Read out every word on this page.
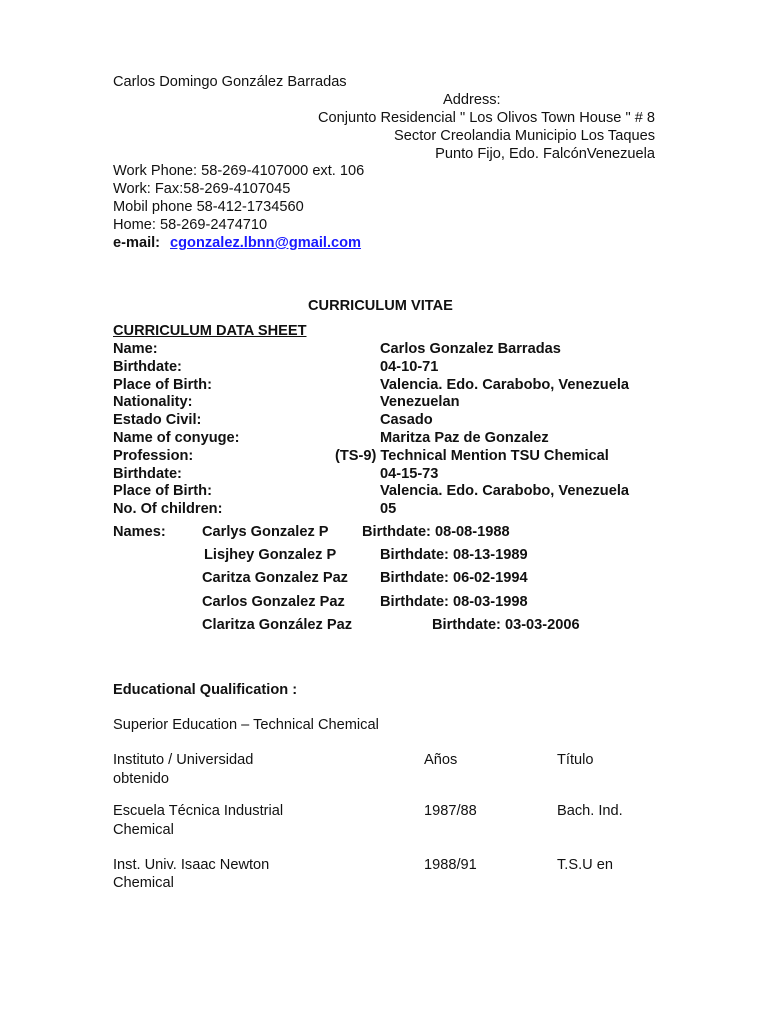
Carlos Domingo González Barradas
Address:
Conjunto Residencial " Los Olivos Town House " # 8
Sector Creolandia Municipio Los Taques
Punto Fijo, Edo. FalcónVenezuela
Work Phone: 58-269-4107000 ext. 106
Work: Fax:58-269-4107045
Mobil phone 58-412-1734560
Home: 58-269-2474710
e-mail: cgonzalez.lbnn@gmail.com
CURRICULUM VITAE
CURRICULUM DATA SHEET
Name:	Carlos Gonzalez Barradas
Birthdate:	04-10-71
Place of Birth:	Valencia. Edo. Carabobo, Venezuela
Nationality:	Venezuelan
Estado Civil:	Casado
Name of conyuge:	Maritza Paz de Gonzalez
Profession:	(TS-9) Technical Mention TSU Chemical
Birthdate:	04-15-73
Place of Birth:	Valencia. Edo. Carabobo, Venezuela
No. Of children:	05
Names: Carlys Gonzalez P Birthdate: 08-08-1988
Lisjhey Gonzalez P	Birthdate: 08-13-1989
Caritza Gonzalez Paz Birthdate: 06-02-1994
Carlos Gonzalez Paz Birthdate: 08-03-1998
Claritza González Paz	Birthdate: 03-03-2006
Educational Qualification :
Superior Education – Technical Chemical
Instituto / Universidad	Años	Título
obtenido
Escuela Técnica Industrial	1987/88	Bach. Ind.
Chemical
Inst. Univ. Isaac Newton	1988/91	T.S.U en
Chemical
